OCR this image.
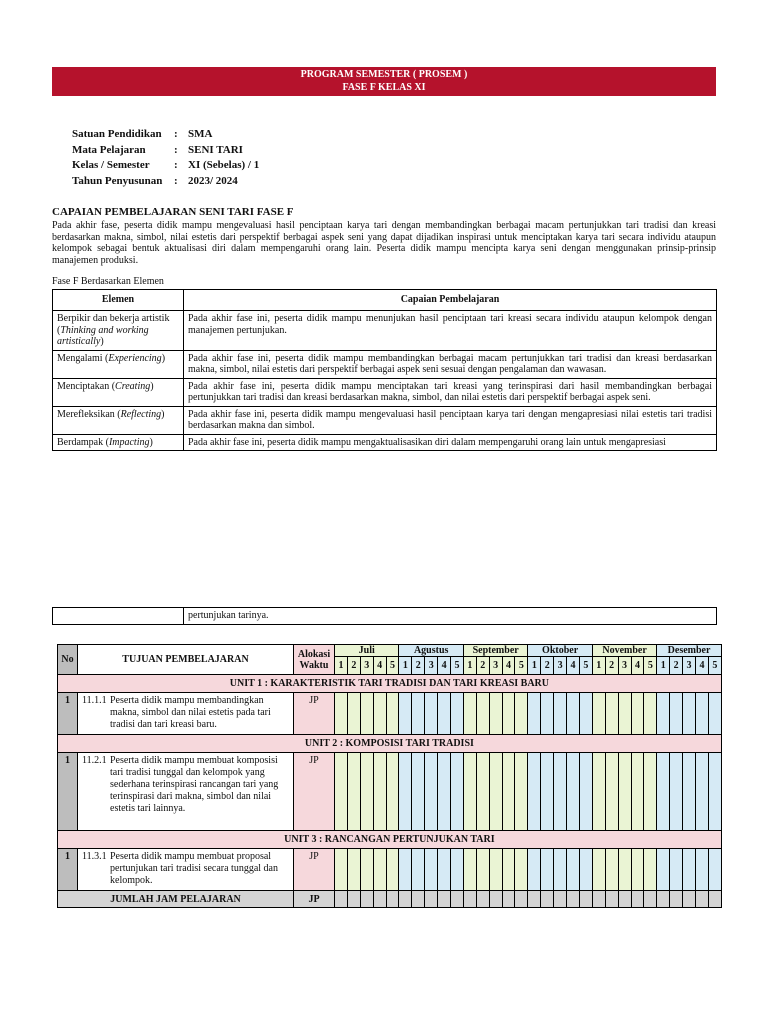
PROGRAM SEMESTER ( PROSEM )
FASE F KELAS XI
Satuan Pendidikan	:	SMA
Mata Pelajaran	:	SENI TARI
Kelas / Semester	:	XI (Sebelas) / 1
Tahun Penyusunan	:	2023/ 2024
CAPAIAN PEMBELAJARAN SENI TARI FASE F

Pada akhir fase, peserta didik mampu mengevaluasi hasil penciptaan karya tari dengan membandingkan berbagai macam pertunjukkan tari tradisi dan kreasi berdasarkan makna, simbol, nilai estetis dari perspektif berbagai aspek seni yang dapat dijadikan inspirasi untuk menciptakan karya tari secara individu ataupun kelompok sebagai bentuk aktualisasi diri dalam mempengaruhi orang lain. Peserta didik mampu mencipta karya seni dengan menggunakan prinsip-prinsip manajemen produksi.

Fase F Berdasarkan Elemen

Elemen	Capaian Pembelajaran
Berpikir dan bekerja artistik (Thinking and working artistically)	Pada akhir fase ini, peserta didik mampu menunjukan hasil penciptaan tari kreasi secara individu ataupun kelompok dengan manajemen pertunjukan.
Mengalami (Experiencing)	Pada akhir fase ini, peserta didik mampu membandingkan berbagai macam pertunjukkan tari tradisi dan kreasi berdasarkan makna, simbol, nilai estetis dari perspektif berbagai aspek seni sesuai dengan pengalaman dan wawasan.
Menciptakan (Creating)	Pada akhir fase ini, peserta didik mampu menciptakan tari kreasi yang terinspirasi dari hasil membandingkan berbagai pertunjukkan tari tradisi dan kreasi berdasarkan makna, simbol, dan nilai estetis dari perspektif berbagai aspek seni.
Merefleksikan (Reflecting)	Pada akhir fase ini, peserta didik mampu mengevaluasi hasil penciptaan karya tari dengan mengapresiasi nilai estetis tari tradisi berdasarkan makna dan simbol.
Berdampak (Impacting)	Pada akhir fase ini, peserta didik mampu mengaktualisasikan diri dalam mempengaruhi orang lain untuk mengapresiasi
	pertunjukan tarinya.
No	TUJUAN PEMBELAJARAN	Alokasi Waktu	Juli					Agustus					September					Oktober					November					Desember				
			1	2	3	4	5	1	2	3	4	5	1	2	3	4	5	1	2	3	4	5	1	2	3	4	5	1	2	3	4	5
UNIT 1 : KARAKTERISTIK TARI TRADISI DAN TARI KREASI BARU																																
1	11.1.1 Peserta didik mampu membandingkan makna, simbol dan nilai estetis pada tari tradisi dan tari kreasi baru.	JP																														
UNIT 2 : KOMPOSISI TARI TRADISI																																
1	11.2.1 Peserta didik mampu membuat komposisi tari tradisi tunggal dan kelompok yang sederhana terinspirasi rancangan tari yang terinspirasi dari makna, simbol dan nilai estetis tari lainnya.	JP																														
UNIT 3 : RANCANGAN PERTUNJUKAN TARI																																
1	11.3.1 Peserta didik mampu membuat proposal pertunjukan tari tradisi secara tunggal dan kelompok.	JP																														
JUMLAH JAM PELAJARAN		JP																														
